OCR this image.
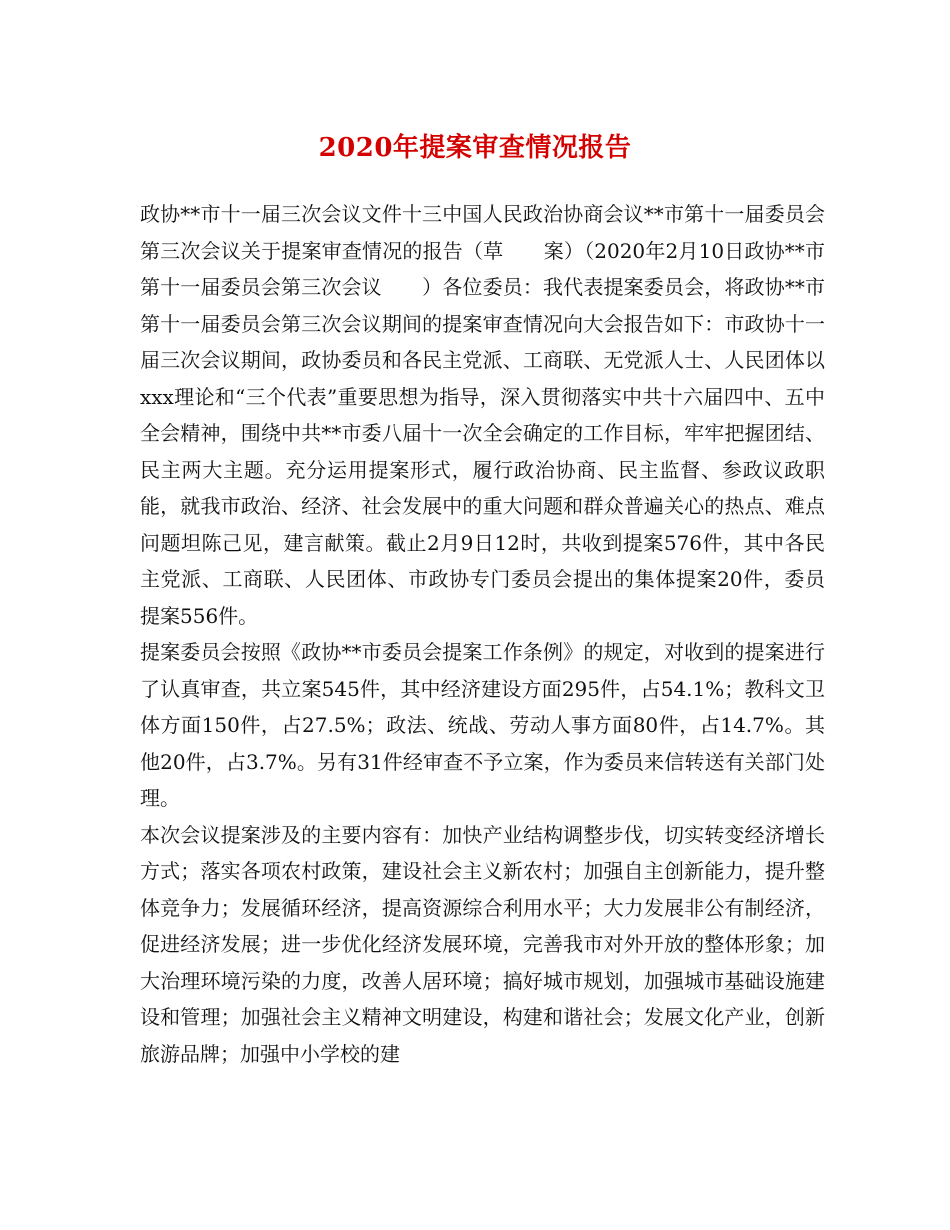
2020年提案审查情况报告

政协**市十一届三次会议文件十三中国人民政治协商会议**市第十一届委员会第三次会议关于提案审查情况的报告（草　　案）（2020年2月10日政协**市第十一届委员会第三次会议　　）各位委员：我代表提案委员会，将政协**市第十一届委员会第三次会议期间的提案审查情况向大会报告如下：市政协十一届三次会议期间，政协委员和各民主党派、工商联、无党派人士、人民团体以xxx理论和“三个代表”重要思想为指导，深入贯彻落实中共十六届四中、五中全会精神，围绕中共**市委八届十一次全会确定的工作目标，牢牢把握团结、民主两大主题。充分运用提案形式，履行政治协商、民主监督、参政议政职能，就我市政治、经济、社会发展中的重大问题和群众普遍关心的热点、难点问题坦陈己见，建言献策。截止2月9日12时，共收到提案576件，其中各民主党派、工商联、人民团体、市政协专门委员会提出的集体提案20件，委员提案556件。

提案委员会按照《政协**市委员会提案工作条例》的规定，对收到的提案进行了认真审查，共立案545件，其中经济建设方面295件，占54.1%；教科文卫体方面150件，占27.5%；政法、统战、劳动人事方面80件，占14.7%。其他20件，占3.7%。另有31件经审查不予立案，作为委员来信转送有关部门处理。

本次会议提案涉及的主要内容有：加快产业结构调整步伐，切实转变经济增长方式；落实各项农村政策，建设社会主义新农村；加强自主创新能力，提升整体竞争力；发展循环经济，提高资源综合利用水平；大力发展非公有制经济，促进经济发展；进一步优化经济发展环境，完善我市对外开放的整体形象；加大治理环境污染的力度，改善人居环境；搞好城市规划，加强城市基础设施建设和管理；加强社会主义精神文明建设，构建和谐社会；发展文化产业，创新旅游品牌；加强中小学校的建
